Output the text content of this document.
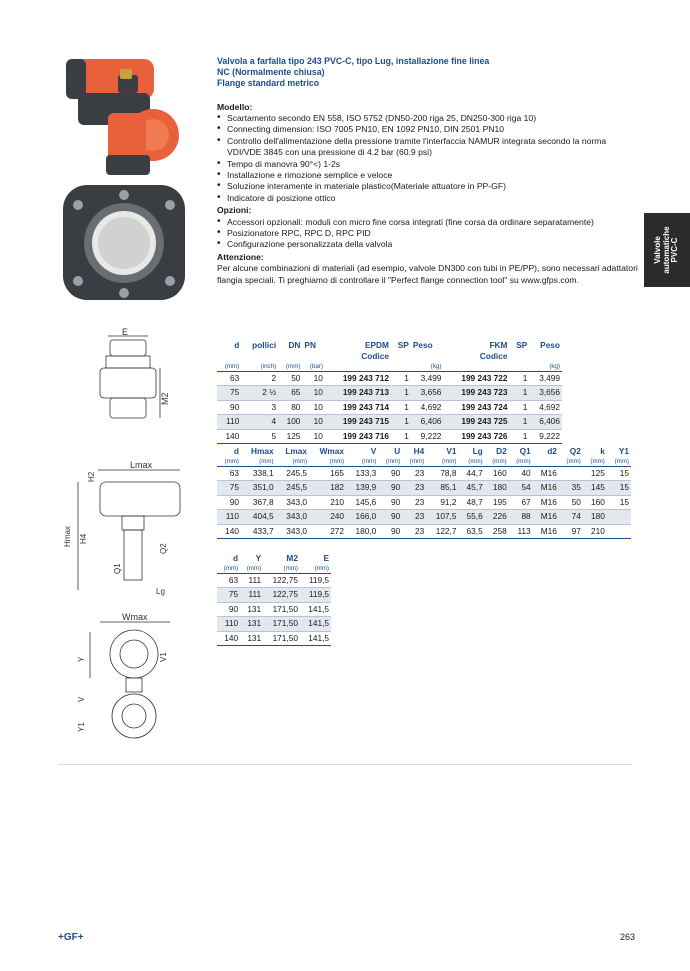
E
M2
Lmax
H2
Hmax H4
Q2
Q1
Lg
Wmax
Y	V1
V
Y1
Valvola a farfalla tipo 243 PVC-C, tipo Lug, installazione fine linea
NC (Normalmente chiusa)
Flange standard metrico
Modello:
• Scartamento secondo EN 558, ISO 5752 (DN50-200 riga 25, DN250-300 riga 10)
• Connecting dimension: ISO 7005 PN10, EN 1092 PN10, DIN 2501 PN10
• Controllo dell'alimentazione della pressione tramite l'interfaccia NAMUR integrata secondo la norma VDI/VDE 3845 con una pressione di 4.2 bar (60.9 psi)
• Tempo di manovra 90°<) 1-2s
• Installazione e rimozione semplice e veloce
• Soluzione interamente in materiale plastico(Materiale attuatore in PP-GF)
• Indicatore di posizione ottico
Opzioni:
• Accessori opzionali: moduli con micro fine corsa integrati (fine corsa da ordinare separatamente)
• Posizionatore RPC, RPC D, RPC PID
• Configurazione personalizzata della valvola
Attenzione:
Per alcune combinazioni di materiali (ad esempio, valvole DN300 con tubi in PE/PP), sono necessari adattatori flangia speciali. Ti preghiamo di controllare il "Perfect flange connection tool" su www.gfps.com.
d	pollici	DN	PN	EPDM	SP	Peso	FKM	SP	Peso
				Codice			Codice		
(mm)	(inch)	(mm)	(bar)			(kg)			(kg)
63	2	50	10	199 243 712	1	3,499	199 243 722	1	3,499
75	2 ½	65	10	199 243 713	1	3,656	199 243 723	1	3,656
90	3	80	10	199 243 714	1	4,692	199 243 724	1	4,692
110	4	100	10	199 243 715	1	6,406	199 243 725	1	6,406
140	5	125	10	199 243 716	1	9,222	199 243 726	1	9,222
d	Hmax	Lmax	Wmax	V	U	H4	V1	Lg	D2	Q1	d2	Q2	k	Y1
(mm)	(mm)	(mm)	(mm)	(mm)	(mm)	(mm)	(mm)	(mm)	(mm)	(mm)		(mm)	(mm)	(mm)
63	338,1	245,5	165	133,3	90	23	78,8	44,7	160	40	M16		125	15
75	351,0	245,5	182	139,9	90	23	85,1	45,7	180	54	M16	35	145	15
90	367,8	343,0	210	145,6	90	23	91,2	48,7	195	67	M16	50	160	15
110	404,5	343,0	240	166,0	90	23	107,5	55,6	226	88	M16	74	180	
140	433,7	343,0	272	180,0	90	23	122,7	63,5	258	113	M16	97	210	
d	Y	M2	E
(mm)	(mm)	(mm)	(mm)
63	111	122,75	119,5
75	111	122,75	119,5
90	131	171,50	141,5
110	131	171,50	141,5
140	131	171,50	141,5
Valvole automatiche PVC-C
+GF+	263
